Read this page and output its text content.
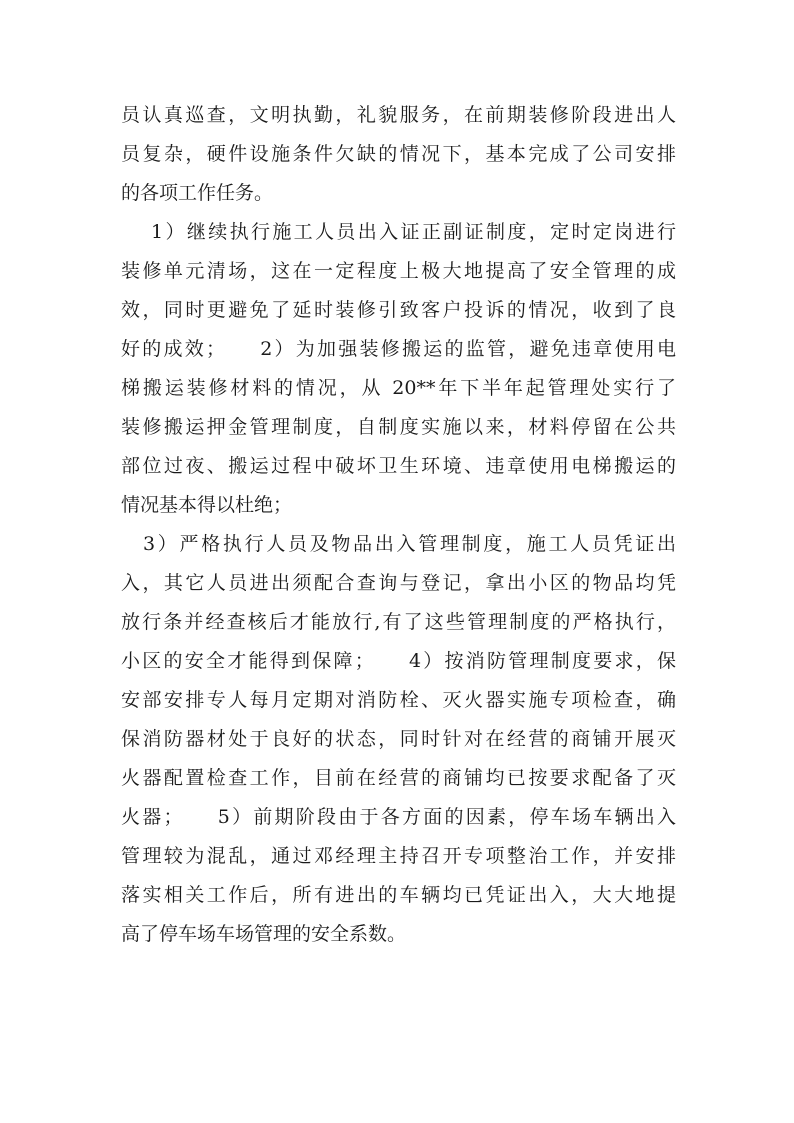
员认真巡查，文明执勤，礼貌服务，在前期装修阶段进出人
员复杂，硬件设施条件欠缺的情况下，基本完成了公司安排
的各项工作任务。
1）继续执行施工人员出入证正副证制度，定时定岗进行
装修单元清场，这在一定程度上极大地提高了安全管理的成
效，同时更避免了延时装修引致客户投诉的情况，收到了良
好的成效；　　2）为加强装修搬运的监管，避免违章使用电
梯搬运装修材料的情况，从 20**年下半年起管理处实行了
装修搬运押金管理制度，自制度实施以来，材料停留在公共
部位过夜、搬运过程中破坏卫生环境、违章使用电梯搬运的
情况基本得以杜绝；
3）严格执行人员及物品出入管理制度，施工人员凭证出
入，其它人员进出须配合查询与登记，拿出小区的物品均凭
放行条并经查核后才能放行,有了这些管理制度的严格执行，
小区的安全才能得到保障；　　4）按消防管理制度要求，保
安部安排专人每月定期对消防栓、灭火器实施专项检查，确
保消防器材处于良好的状态，同时针对在经营的商铺开展灭
火器配置检查工作，目前在经营的商铺均已按要求配备了灭
火器；　　5）前期阶段由于各方面的因素，停车场车辆出入
管理较为混乱，通过邓经理主持召开专项整治工作，并安排
落实相关工作后，所有进出的车辆均已凭证出入，大大地提
高了停车场车场管理的安全系数。
